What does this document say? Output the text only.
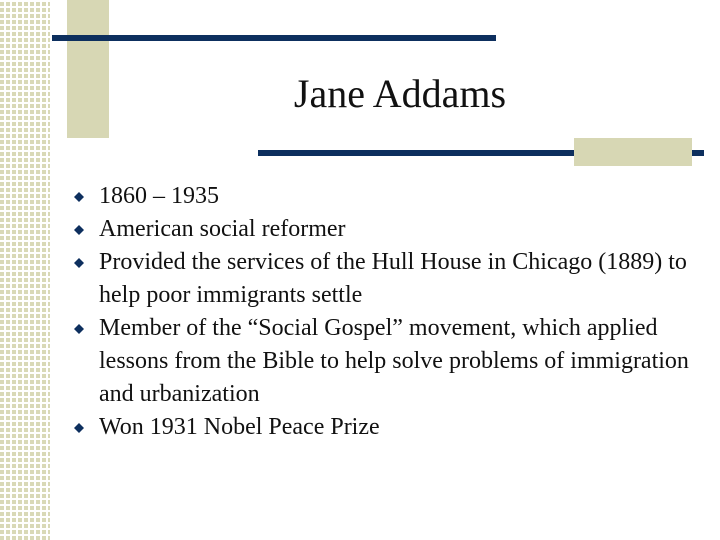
Jane Addams
1860 – 1935
American social reformer
Provided the services of the Hull House in Chicago (1889) to help poor immigrants settle
Member of the “Social Gospel” movement, which applied lessons from the Bible to help solve problems of immigration and urbanization
Won 1931 Nobel Peace Prize
